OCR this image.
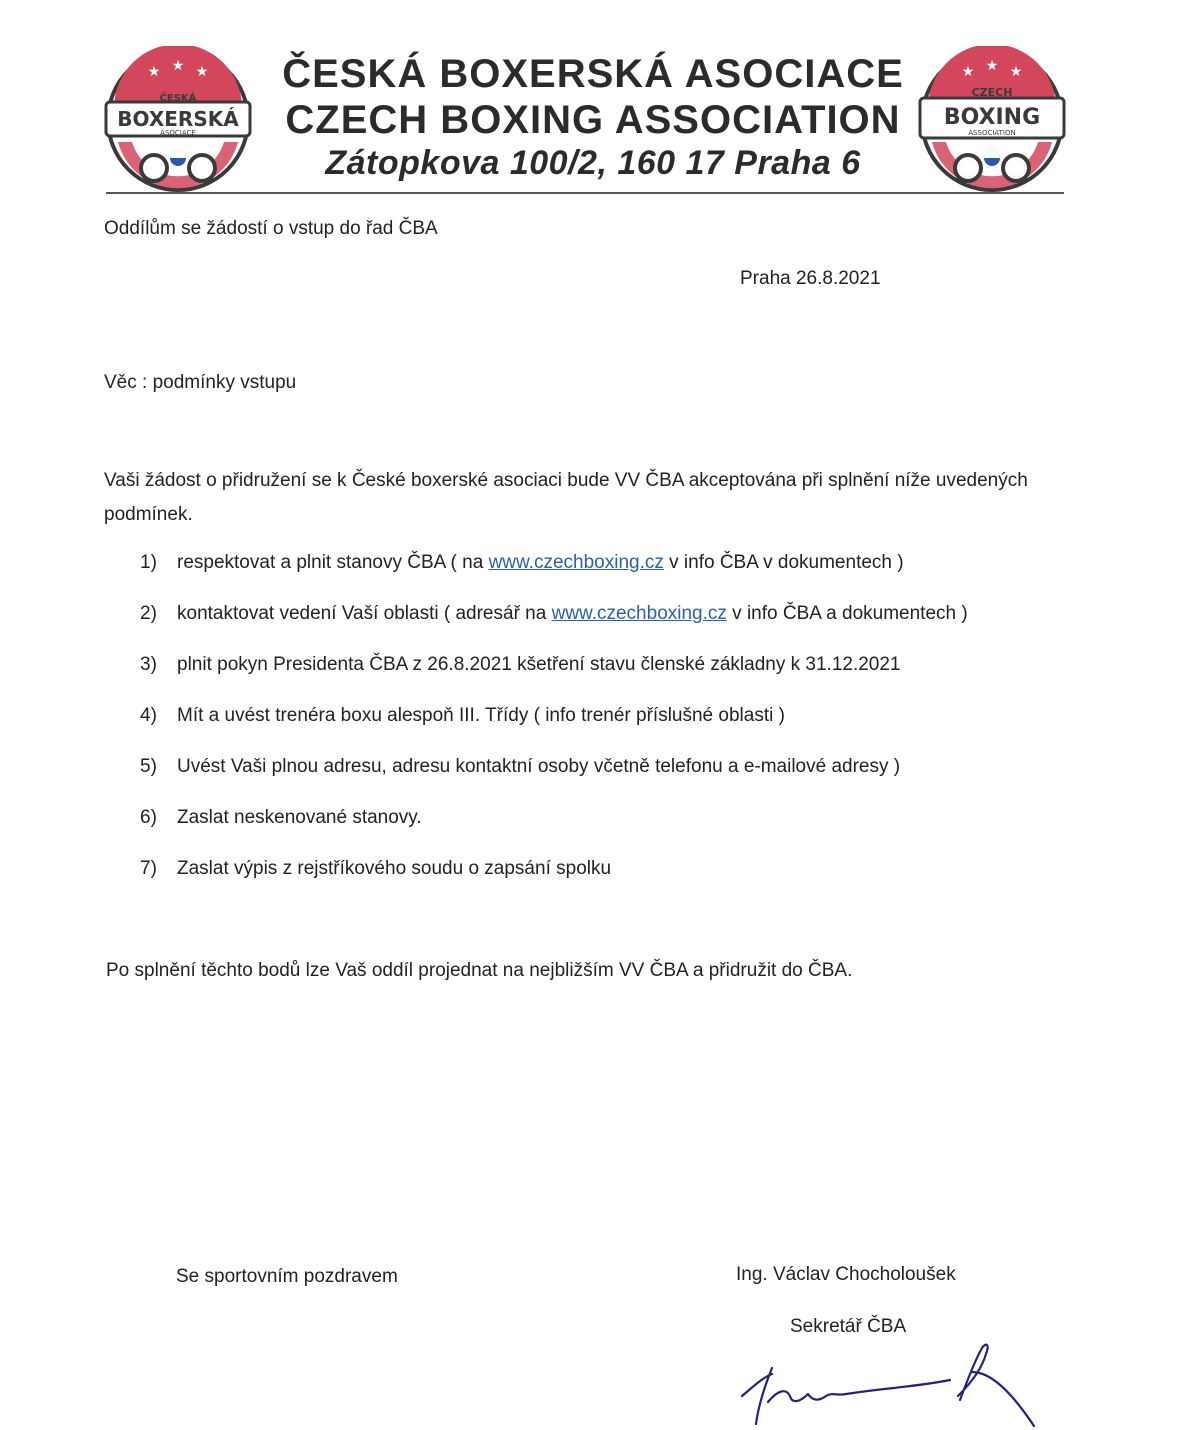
★ ★ ★
ČESKÁ
BOXERSKÁ
ASOCIACE
★ ★ ★
CZECH
BOXING
ASSOCIATION
ČESKÁ BOXERSKÁ ASOCIACE
CZECH BOXING ASSOCIATION
Zátopkova 100/2, 160 17 Praha 6
Oddílům se žádostí o vstup do řad ČBA
Praha 26.8.2021
Věc : podmínky vstupu
Vaši žádost o přidružení se k České boxerské asociaci bude VV ČBA akceptována při splnění níže uvedených podmínek.
1) respektovat a plnit stanovy ČBA ( na www.czechboxing.cz v info ČBA v dokumentech )
2) kontaktovat vedení Vaší oblasti ( adresář na www.czechboxing.cz v info ČBA a dokumentech )
3) plnit pokyn Presidenta ČBA z 26.8.2021 kšetření stavu členské základny k 31.12.2021
4) Mít a uvést trenéra boxu alespoň III. Třídy ( info trenér příslušné oblasti )
5) Uvést Vaši plnou adresu, adresu kontaktní osoby včetně telefonu a e-mailové adresy )
6) Zaslat neskenované stanovy.
7) Zaslat výpis z rejstříkového soudu o zapsání spolku
Po splnění těchto bodů lze Vaš oddíl projednat na nejbližším VV ČBA a přidružit do ČBA.
Se sportovním pozdravem	Ing. Václav Chocholoušek
Sekretář ČBA
